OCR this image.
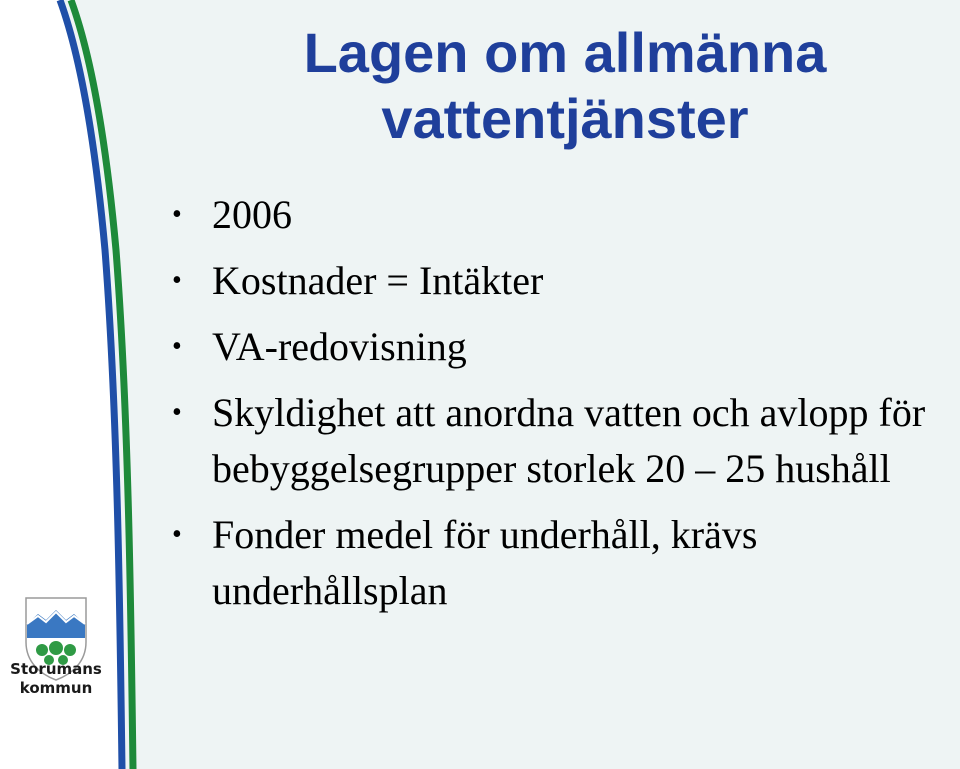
Lagen om allmänna
vattentjänster
• 2006
• Kostnader = Intäkter
• VA-redovisning
• Skyldighet att anordna vatten och avlopp för bebyggelsegrupper storlek 20 – 25 hushåll
• Fonder medel för underhåll, krävs underhållsplan
Storumans
kommun
